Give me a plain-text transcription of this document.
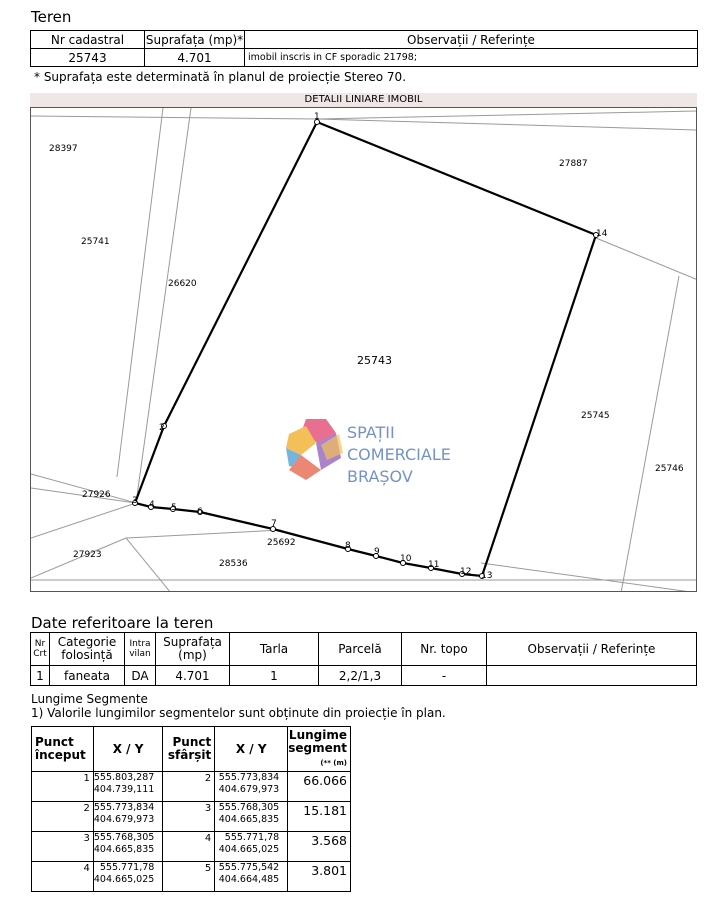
Teren
Nr cadastral	Suprafața (mp)*	Observații / Referințe
25743	4.701	imobil inscris in CF sporadic 21798;
* Suprafața este determinată în planul de proiecție Stereo 70.
DETALII LINIARE IMOBIL
1
2
3 4 5 6
7
8
9
10
11
12 13
14
28397
27887
25741
26620
25743
25745
25746
27926
27923
25692
28536
SPAȚII
COMERCIALE
BRAȘOV
Date referitoare la teren
Nr Crt	Categorie folosință	Intra vilan	Suprafața (mp)	Tarla	Parcelă	Nr. topo	Observații / Referințe
1	faneata	DA	4.701	1	2,2/1,3	-	
Lungime Segmente
1) Valorile lungimilor segmentelor sunt obținute din proiecție în plan.
Punct început	X / Y	Punct sfârșit	X / Y	Lungime segment
(** (m)
1	555.803,287
404.739,111	2	555.773,834
404.679,973	66.066
2	555.773,834
404.679,973	3	555.768,305
404.665,835	15.181
3	555.768,305
404.665,835	4	555.771,78
404.665,025	3.568
4	555.771,78
404.665,025	5	555.775,542
404.664,485	3.801
